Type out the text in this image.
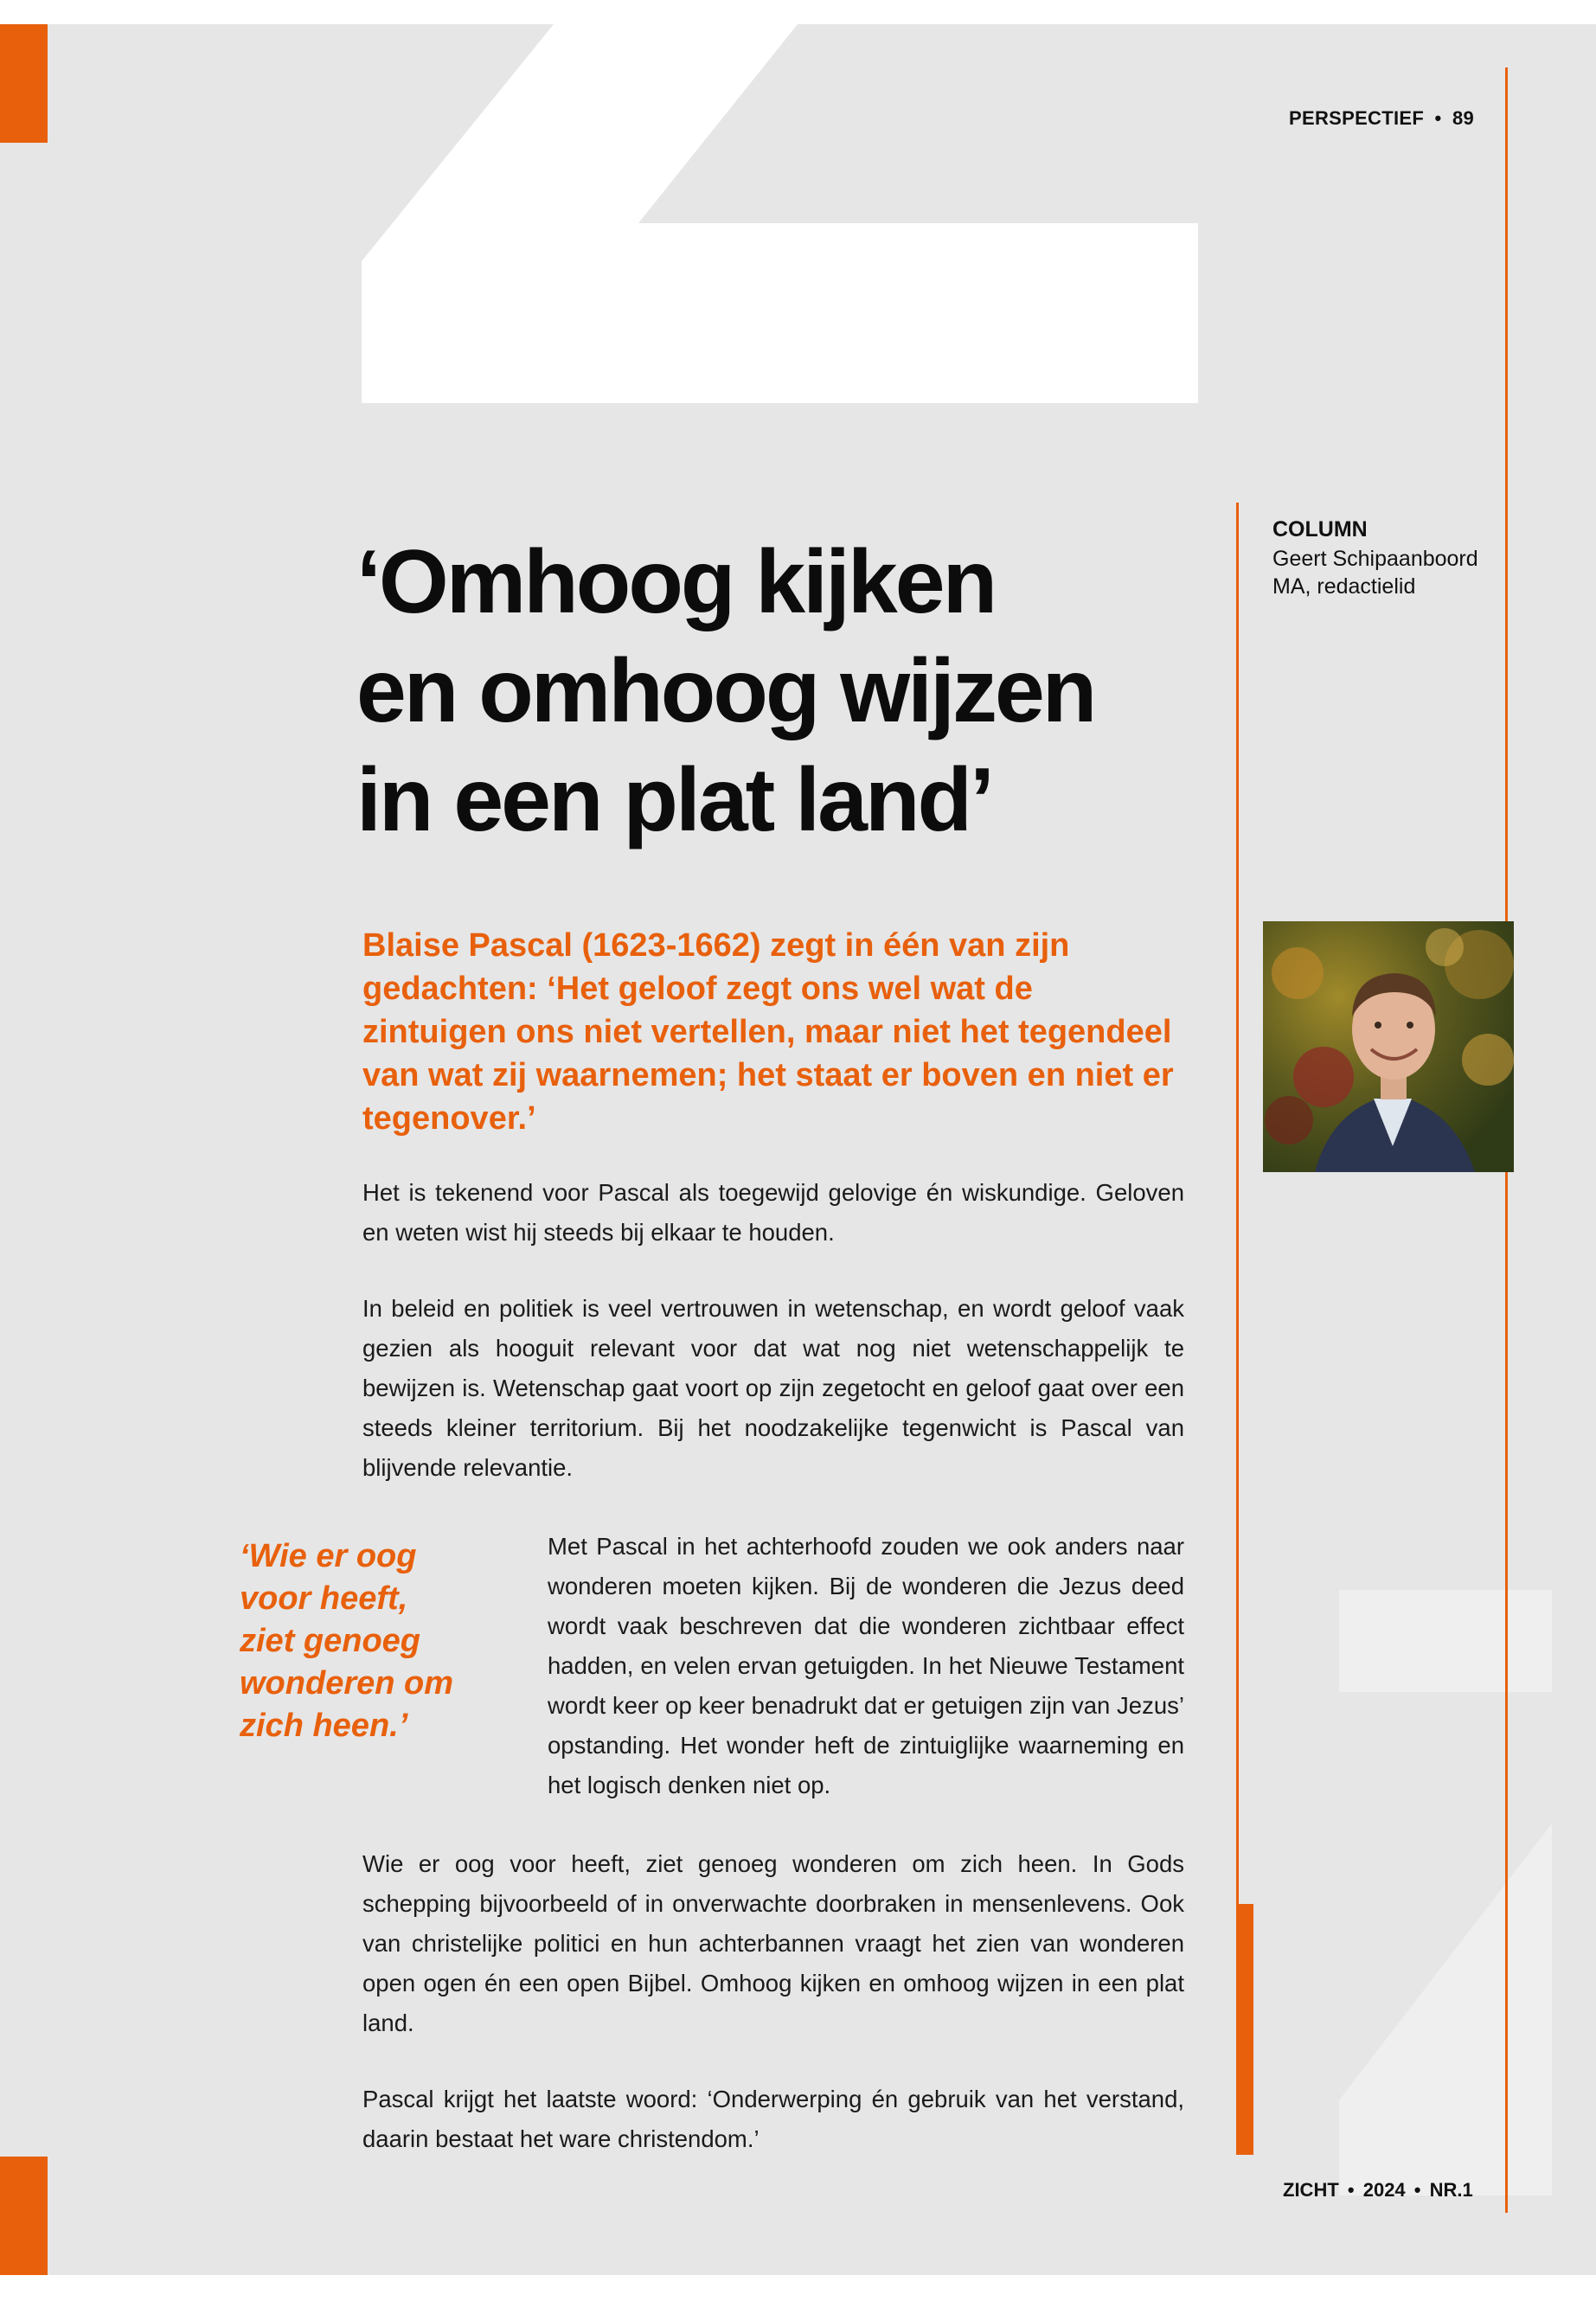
PERSPECTIEF • 89
‘Omhoog kijken
en omhoog wijzen
in een plat land’
COLUMN
Geert Schipaanboord
MA, redactielid

Blaise Pascal (1623-1662) zegt in één van zijn gedachten: ‘Het geloof zegt ons wel wat de zintuigen ons niet vertellen, maar niet het tegendeel van wat zij waarnemen; het staat er boven en niet er tegenover.’

Het is tekenend voor Pascal als toegewijd gelovige én wiskundige. Geloven en weten wist hij steeds bij elkaar te houden.

In beleid en politiek is veel vertrouwen in wetenschap, en wordt geloof vaak gezien als hooguit relevant voor dat wat nog niet wetenschappelijk te bewijzen is. Wetenschap gaat voort op zijn zegetocht en geloof gaat over een steeds kleiner territorium. Bij het noodzakelijke tegenwicht is Pascal van blijvende relevantie.

Met Pascal in het achterhoofd zouden we ook anders naar wonderen moeten kijken. Bij de wonderen die Jezus deed wordt vaak beschreven dat die wonderen zichtbaar effect hadden, en velen ervan getuigden. In het Nieuwe Testament wordt keer op keer benadrukt dat er getuigen zijn van Jezus’ opstanding. Het wonder heft de zintuiglijke waarneming en het logisch denken niet op.

Wie er oog voor heeft, ziet genoeg wonderen om zich heen. In Gods schepping bijvoorbeeld of in onverwachte doorbraken in mensenlevens. Ook van christelijke politici en hun achterbannen vraagt het zien van wonderen open ogen én een open Bijbel. Omhoog kijken en omhoog wijzen in een plat land.

Pascal krijgt het laatste woord: ‘Onderwerping én gebruik van het verstand, daarin bestaat het ware christendom.’

‘Wie er oog
voor heeft,
ziet genoeg
wonderen om
zich heen.’

ZICHT • 2024 • NR.1
